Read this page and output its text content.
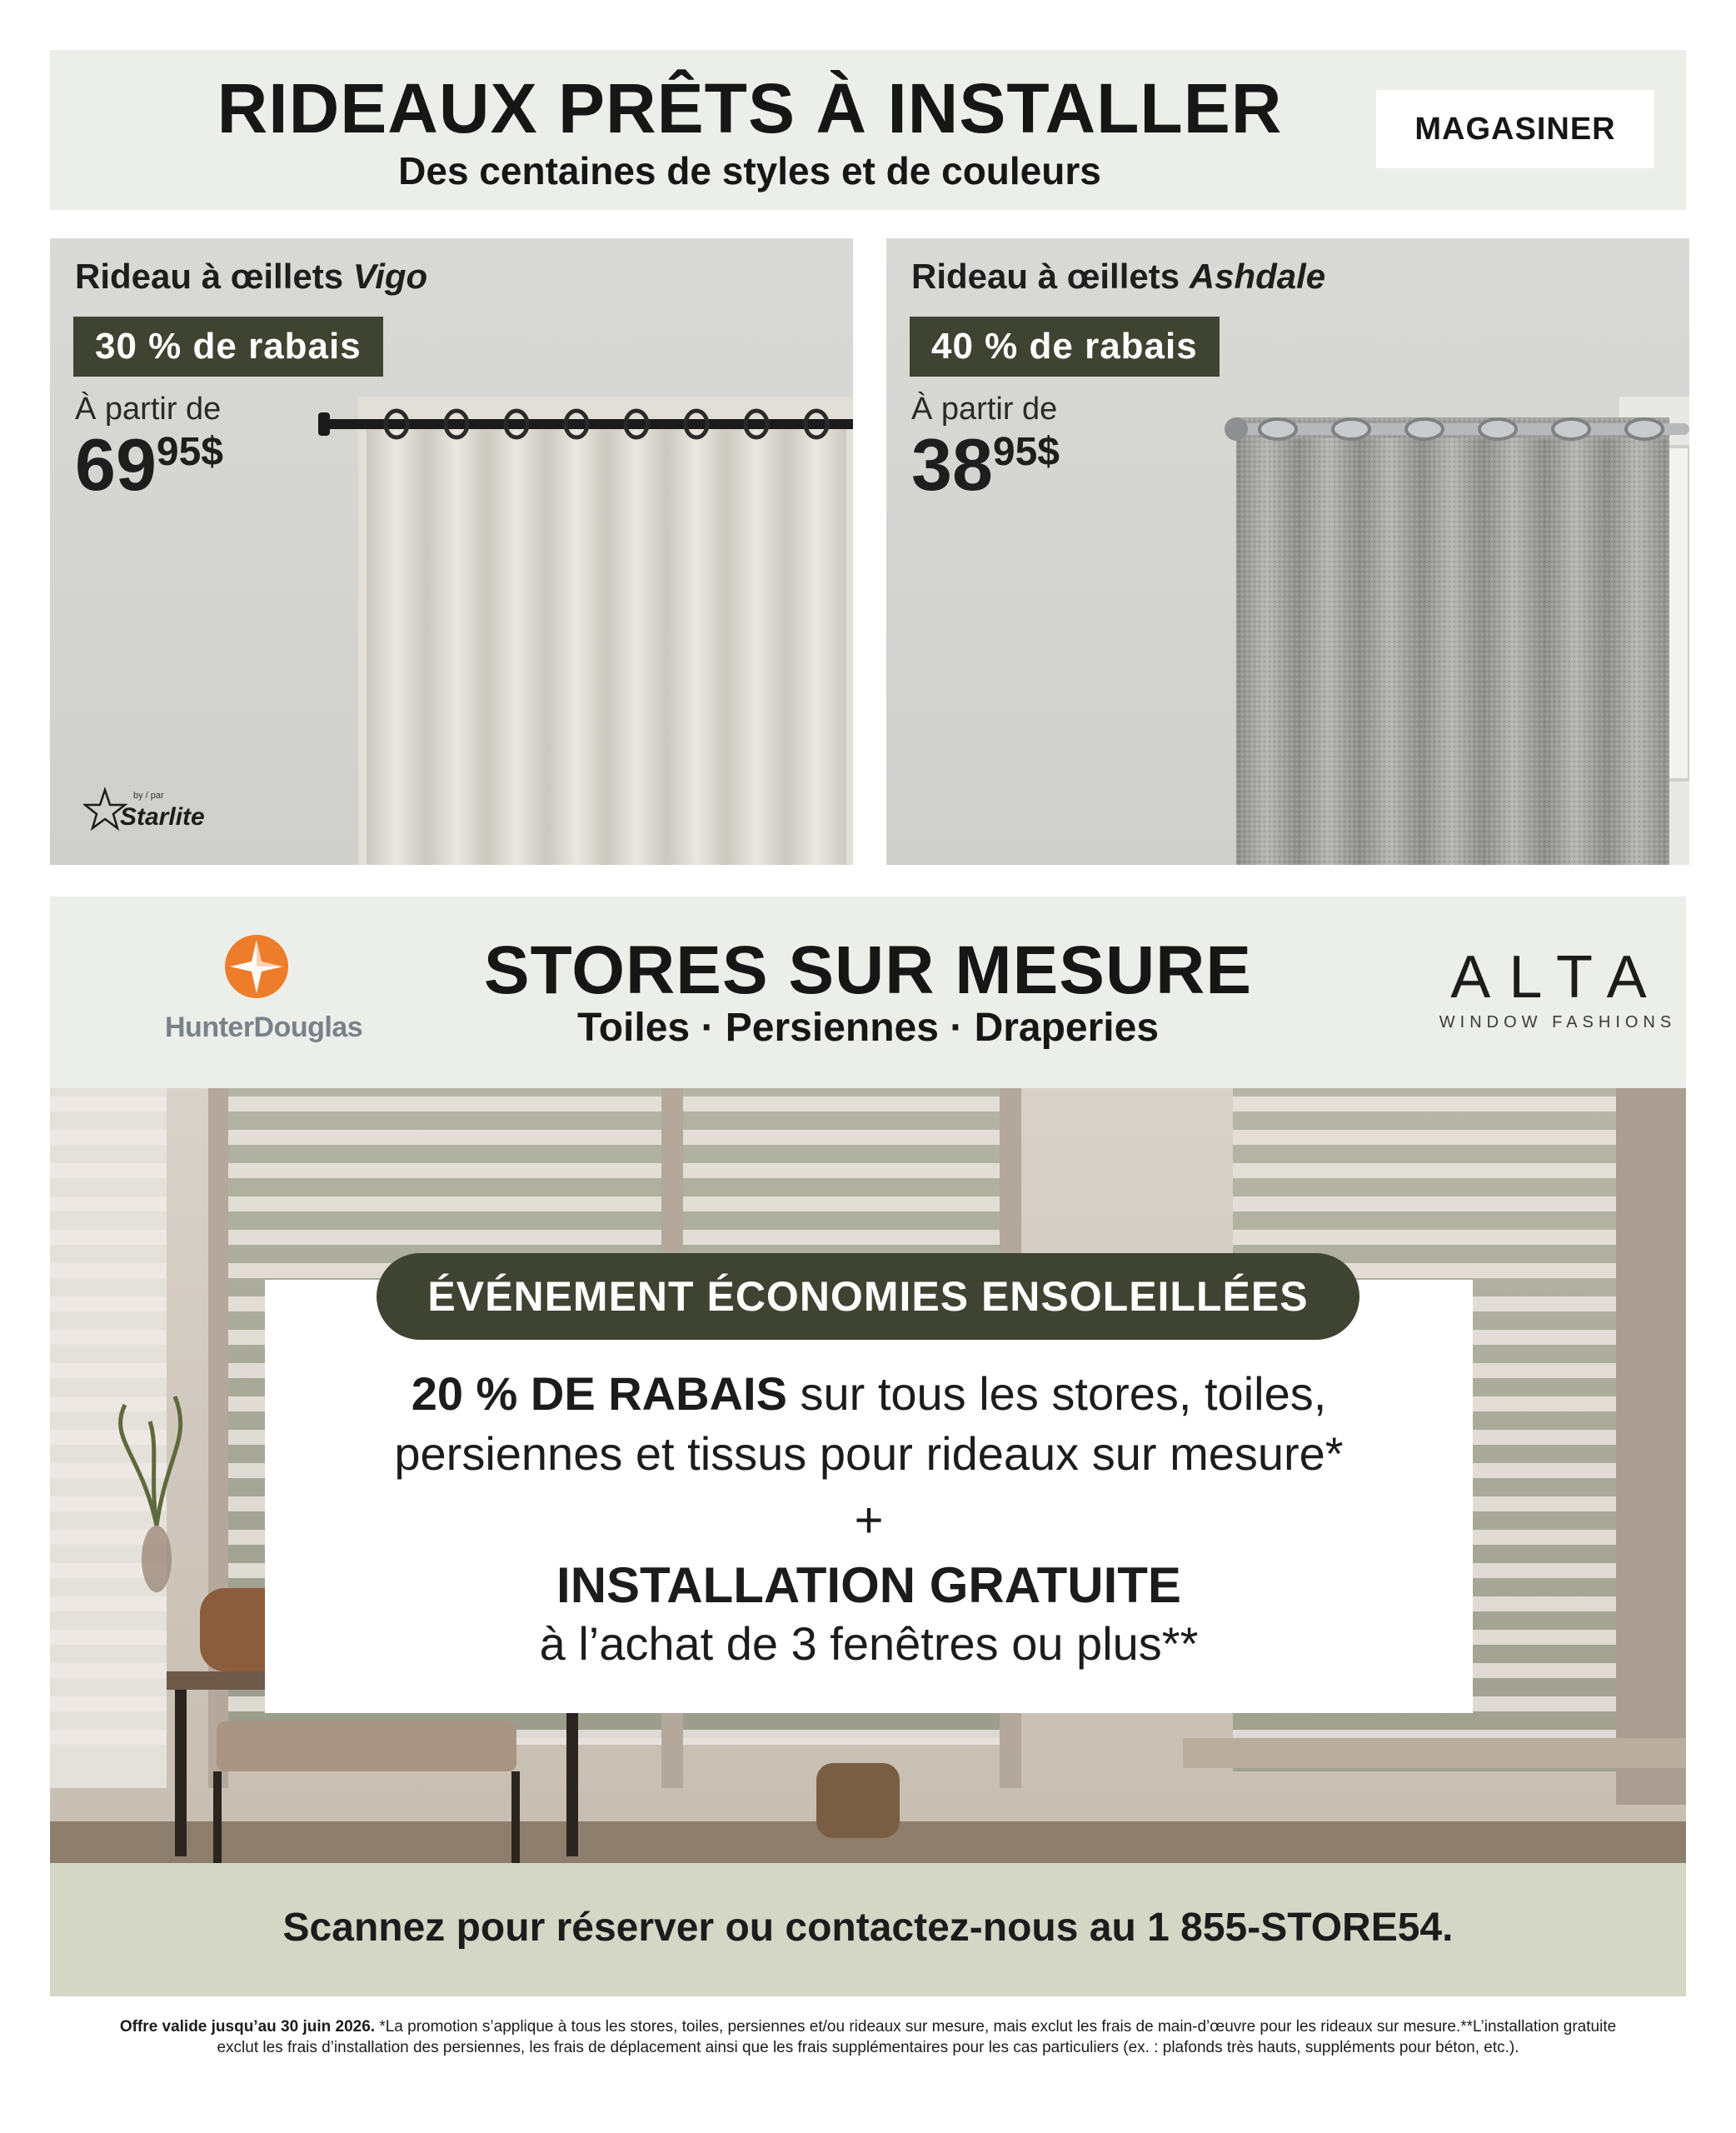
RIDEAUX PRÊTS À INSTALLER
Des centaines de styles et de couleurs
MAGASINER
Rideau à œillets Vigo
30 % de rabais
À partir de
6995$
by / par
Starlite
Rideau à œillets Ashdale
40 % de rabais
À partir de
3895$
HunterDouglas
STORES SUR MESURE
Toiles · Persiennes · Draperies
ALTA
WINDOW FASHIONS
ÉVÉNEMENT ÉCONOMIES ENSOLEILLÉES
20 % DE RABAIS sur tous les stores, toiles,
persiennes et tissus pour rideaux sur mesure*
+
INSTALLATION GRATUITE
à l’achat de 3 fenêtres ou plus**
Scannez pour réserver ou contactez-nous au 1 855-STORE54.
Offre valide jusqu’au 30 juin 2026. *La promotion s’applique à tous les stores, toiles, persiennes et/ou rideaux sur mesure, mais exclut les frais de main-d’œuvre pour les rideaux sur mesure.**L’installation gratuite exclut les frais d’installation des persiennes, les frais de déplacement ainsi que les frais supplémentaires pour les cas particuliers (ex. : plafonds très hauts, suppléments pour béton, etc.).
